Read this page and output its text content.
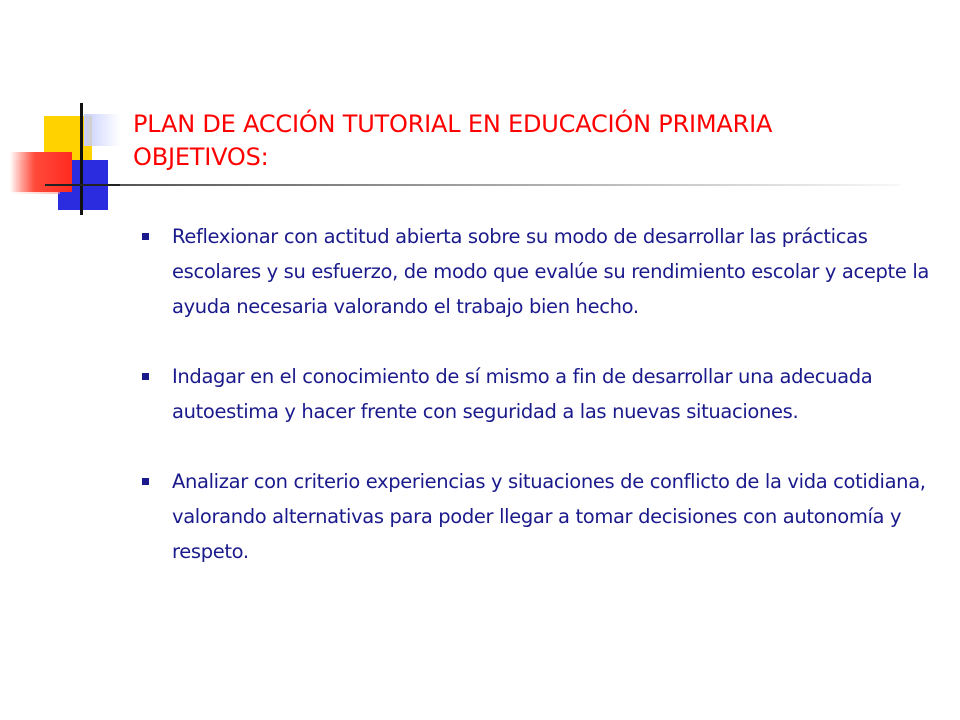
PLAN DE ACCIÓN TUTORIAL EN EDUCACIÓN PRIMARIA
OBJETIVOS:
Reflexionar con actitud abierta sobre su modo de desarrollar las prácticas escolares y su esfuerzo, de modo que evalúe su rendimiento escolar y acepte la ayuda necesaria valorando el trabajo bien hecho.
Indagar en el conocimiento de sí mismo a fin de desarrollar una adecuada autoestima y hacer frente con seguridad a las nuevas situaciones.
Analizar con criterio experiencias y situaciones de conflicto de la vida cotidiana, valorando alternativas para poder llegar a tomar decisiones con autonomía y respeto.
